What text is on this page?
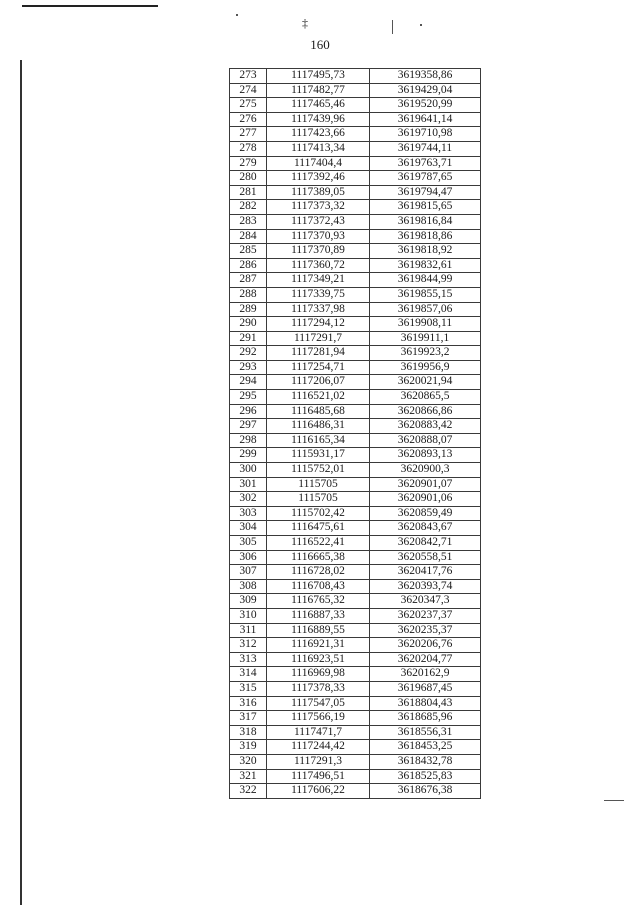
‡
160
273	1117495,73	3619358,86
274	1117482,77	3619429,04
275	1117465,46	3619520,99
276	1117439,96	3619641,14
277	1117423,66	3619710,98
278	1117413,34	3619744,11
279	1117404,4	3619763,71
280	1117392,46	3619787,65
281	1117389,05	3619794,47
282	1117373,32	3619815,65
283	1117372,43	3619816,84
284	1117370,93	3619818,86
285	1117370,89	3619818,92
286	1117360,72	3619832,61
287	1117349,21	3619844,99
288	1117339,75	3619855,15
289	1117337,98	3619857,06
290	1117294,12	3619908,11
291	1117291,7	3619911,1
292	1117281,94	3619923,2
293	1117254,71	3619956,9
294	1117206,07	3620021,94
295	1116521,02	3620865,5
296	1116485,68	3620866,86
297	1116486,31	3620883,42
298	1116165,34	3620888,07
299	1115931,17	3620893,13
300	1115752,01	3620900,3
301	1115705	3620901,07
302	1115705	3620901,06
303	1115702,42	3620859,49
304	1116475,61	3620843,67
305	1116522,41	3620842,71
306	1116665,38	3620558,51
307	1116728,02	3620417,76
308	1116708,43	3620393,74
309	1116765,32	3620347,3
310	1116887,33	3620237,37
311	1116889,55	3620235,37
312	1116921,31	3620206,76
313	1116923,51	3620204,77
314	1116969,98	3620162,9
315	1117378,33	3619687,45
316	1117547,05	3618804,43
317	1117566,19	3618685,96
318	1117471,7	3618556,31
319	1117244,42	3618453,25
320	1117291,3	3618432,78
321	1117496,51	3618525,83
322	1117606,22	3618676,38
